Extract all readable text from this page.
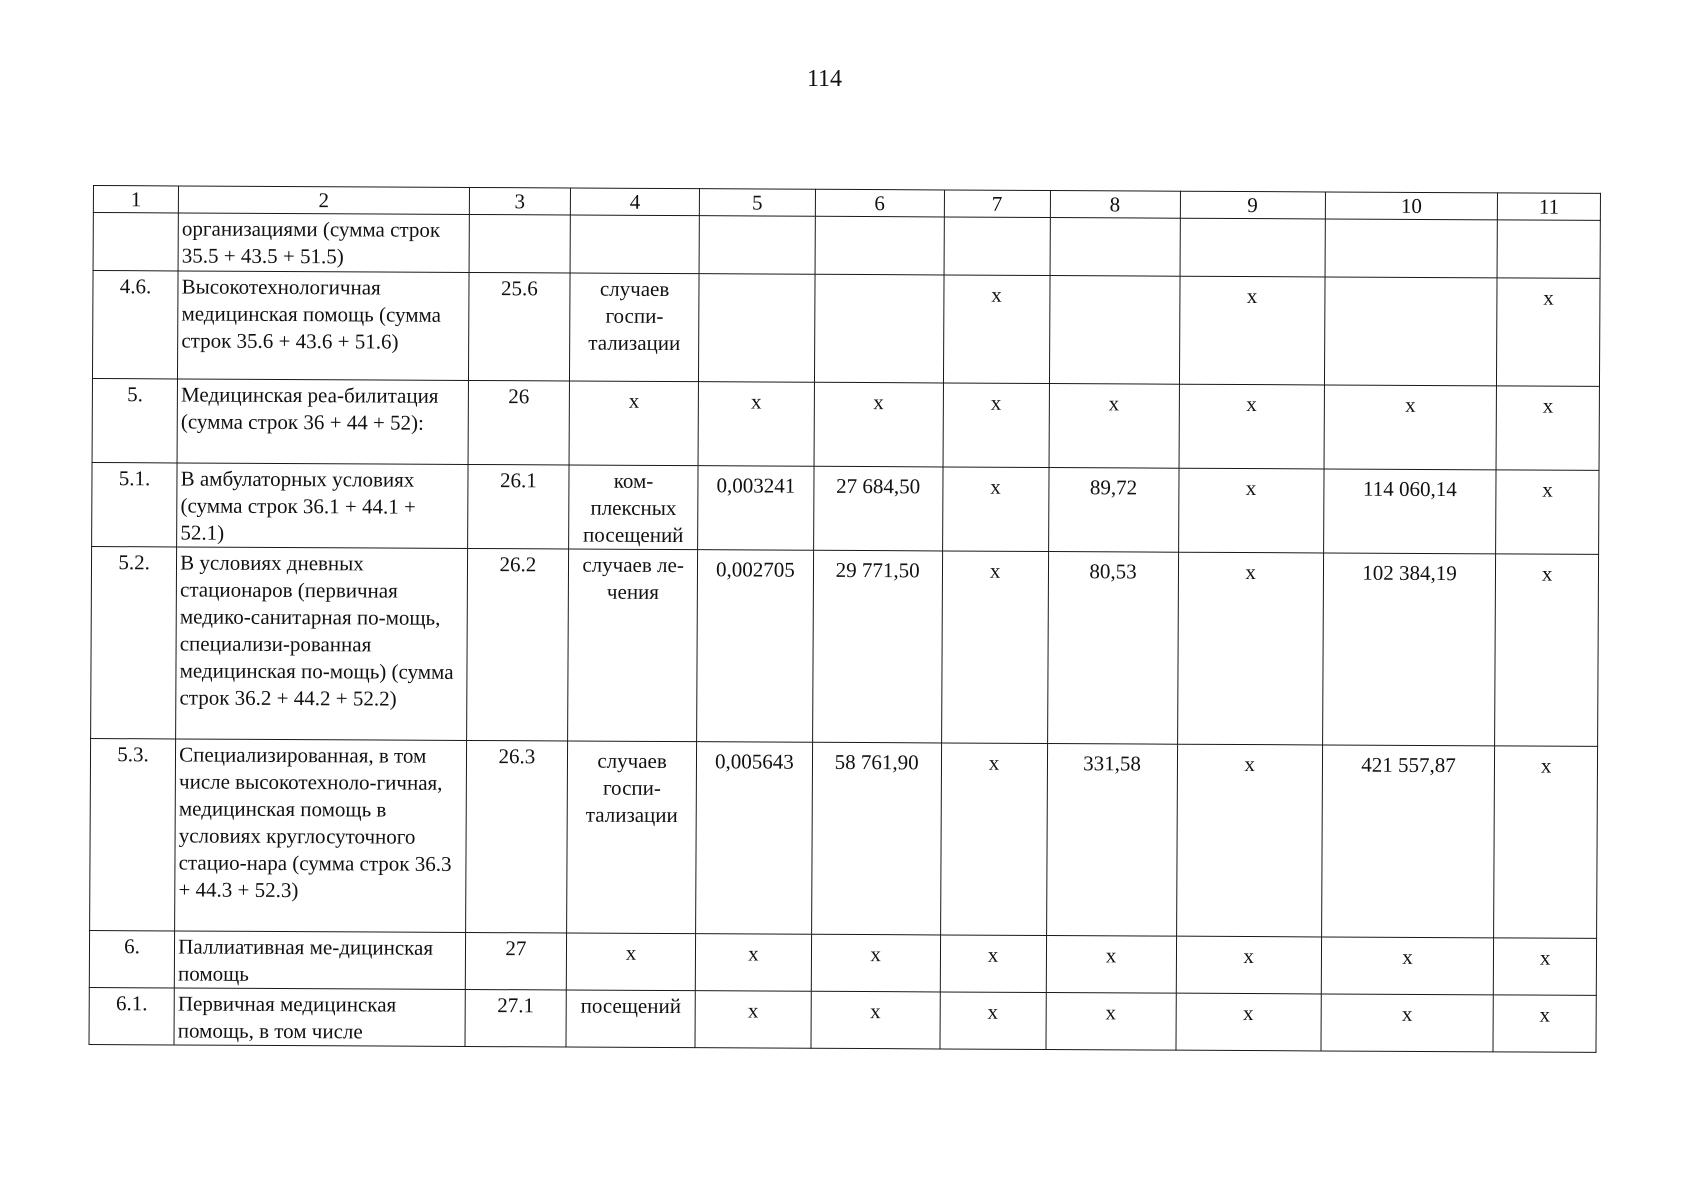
114
1	2	3	4	5	6	7	8	9	10	11
	организациями (сумма строк 35.5 + 43.5 + 51.5)									
4.6.	Высокотехнологичная медицинская помощь (сумма строк 35.6 + 43.6 + 51.6)	25.6	случаев госпи-тализации			х		х		х
5.	Медицинская реа-билитация (сумма строк 36 + 44 + 52):	26	х	х	х	х	х	х	х	х
5.1.	В амбулаторных условиях (сумма строк 36.1 + 44.1 + 52.1)	26.1	ком-плексных посещений	0,003241	27 684,50	х	89,72	х	114 060,14	х
5.2.	В условиях дневных стационаров (первичная медико-санитарная по-мощь, специализи-рованная медицинская по-мощь) (сумма строк 36.2 + 44.2 + 52.2)	26.2	случаев ле-чения	0,002705	29 771,50	х	80,53	х	102 384,19	х
5.3.	Специализированная, в том числе высокотехноло-гичная, медицинская помощь в условиях круглосуточного стацио-нара (сумма строк 36.3 + 44.3 + 52.3)	26.3	случаев госпи-тализации	0,005643	58 761,90	х	331,58	х	421 557,87	х
6.	Паллиативная ме-дицинская помощь	27	х	х	х	х	х	х	х	х
6.1.	Первичная медицинская помощь, в том числе	27.1	посещений	х	х	х	х	х	х	х
